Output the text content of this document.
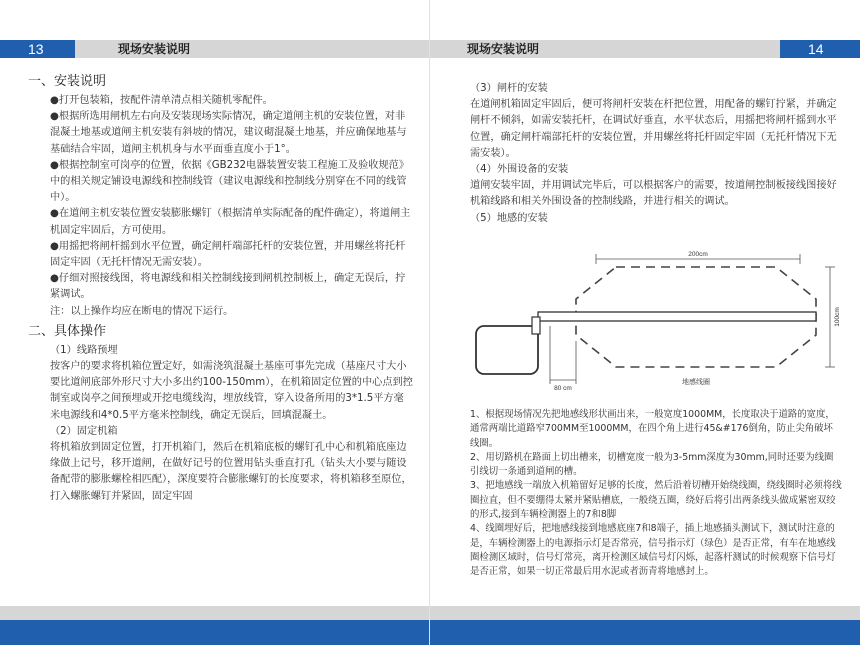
13	现场安装说明
一、安装说明
●打开包装箱，按配件清单清点相关随机零配件。
●根据所选用闸机左右向及安装现场实际情况，确定道闸主机的安装位置，对非混凝土地基或道闸主机安装有斜坡的情况，建议砌混凝土地基，并应确保地基与基础结合牢固，道闸主机机身与水平面垂直度小于1°。
●根据控制室可岗亭的位置，依据《GB232电器装置安装工程施工及验收规范》中的相关规定铺设电源线和控制线管（建议电源线和控制线分别穿在不同的线管中）。
●在道闸主机安装位置安装膨胀螺钉（根据清单实际配备的配件确定），将道闸主机固定牢固后，方可使用。
●用摇把将闸杆摇到水平位置，确定闸杆端部托杆的安装位置，并用螺丝将托杆固定牢固（无托杆情况无需安装）。
●仔细对照接线图，将电源线和相关控制线接到闸机控制板上，确定无误后，拧紧调试。
注：以上操作均应在断电的情况下运行。
二、具体操作
（1）线路预埋
按客户的要求将机箱位置定好，如需浇筑混凝土基座可事先完成（基座尺寸大小要比道闸底部外形尺寸大小多出约100-150mm），在机箱固定位置的中心点到控制室或岗亭之间预埋或开挖电缆线沟，埋放线管，穿入设备所用的3*1.5平方毫米电源线和4*0.5平方毫米控制线，确定无误后，回填混凝土。
（2）固定机箱
将机箱放到固定位置，打开机箱门，然后在机箱底板的螺钉孔中心和机箱底座边缘做上记号，移开道闸，在做好记号的位置用钻头垂直打孔（钻头大小要与随设备配带的膨胀螺栓相匹配），深度要符合膨胀螺钉的长度要求，将机箱移至原位，打入螺胀螺钉并紧固，固定牢固
14
现场安装说明
（3）闸杆的安装
在道闸机箱固定牢固后，便可将闸杆安装在杆把位置，用配备的螺钉拧紧，并确定闸杆不倾斜，如需安装托杆，在调试好垂直，水平状态后，用摇把将闸杆摇到水平位置，确定闸杆端部托杆的安装位置，并用螺丝将托杆固定牢固（无托杆情况下无需安装）。
（4）外围设备的安装
道闸安装牢固，并用调试完毕后，可以根据客户的需要，按道闸控制板接线图接好机箱线路和相关外围设备的控制线路，并进行相关的调试。
（5）地感的安装
200cm
100cm
80 cm
地感线圈
1、根据现场情况先把地感线形状画出来，一般宽度1000MM，长度取决于道路的宽度，通常两端比道路窄700MM至1000MM，在四个角上进行45&#176倒角，防止尖角破坏线圈。
2、用切路机在路面上切出槽来，切槽宽度一般为3-5mm深度为30mm,同时还要为线圈引线切一条通到道闸的槽。
3、把地感线一端放入机箱留好足够的长度，然后沿着切槽开始绕线圈，绕线圈时必须将线圈拉直，但不要绷得太紧并紧贴槽底，一般绕五圈，绕好后将引出两条线头做成紧密双绞的形式,接到车辆检测器上的7和8脚
4、线圈埋好后，把地感线接到地感底座7和8端子，插上地感插头测试下，测试时注意的是，车辆检测器上的电源指示灯是否常亮，信号指示灯（绿色）是否正常，有车在地感线圈检测区域时，信号灯常亮，离开检测区域信号灯闪烁，起落杆测试的时候观察下信号灯是否正常，如果一切正常最后用水泥或者沥青将地感封上。
